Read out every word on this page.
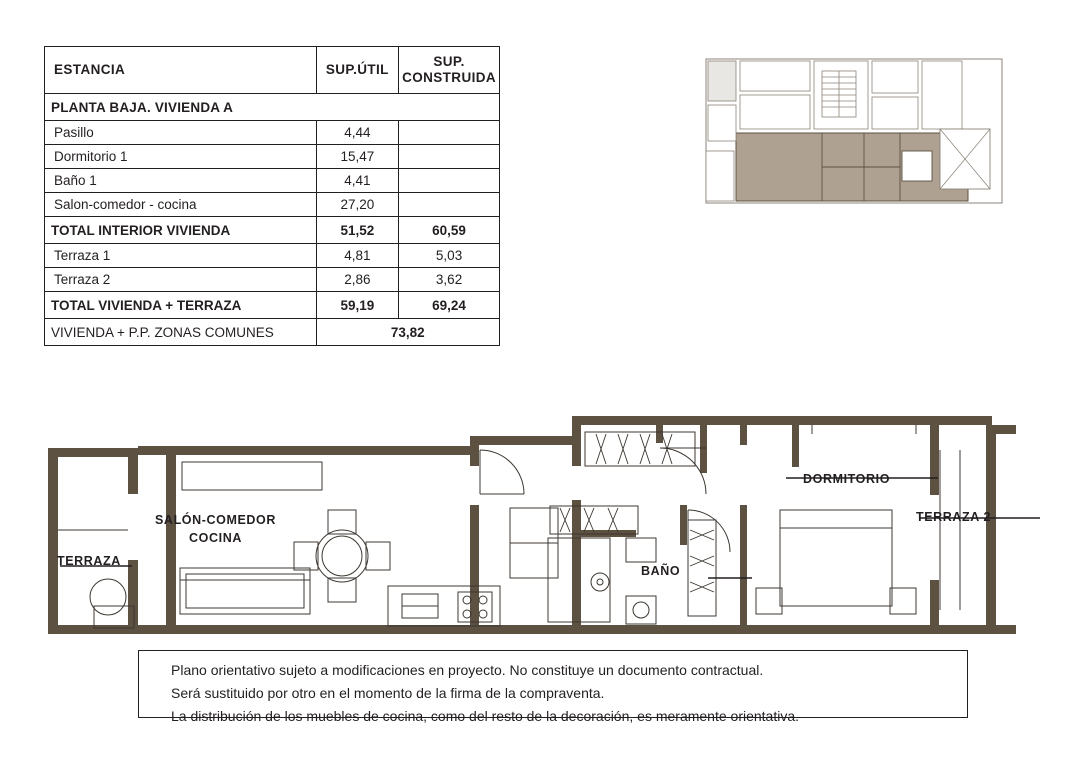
ESTANCIA	SUP.ÚTIL	SUP.
CONSTRUIDA
PLANTA BAJA. VIVIENDA A		
Pasillo	4,44	
Dormitorio 1	15,47	
Baño 1	4,41	
Salon-comedor - cocina	27,20	
TOTAL INTERIOR VIVIENDA	51,52	60,59
Terraza 1	4,81	5,03
Terraza 2	2,86	3,62
TOTAL VIVIENDA + TERRAZA	59,19	69,24
VIVIENDA + P.P. ZONAS COMUNES	73,82	
TERRAZA
SALÓN-COMEDOR
COCINA
BAÑO
DORMITORIO
TERRAZA 2

Plano orientativo sujeto a modificaciones en proyecto. No constituye un documento contractual.

Será sustituido por otro en el momento de la firma de la compraventa.

La distribución de los muebles de cocina, como del resto de la decoración, es meramente orientativa.
